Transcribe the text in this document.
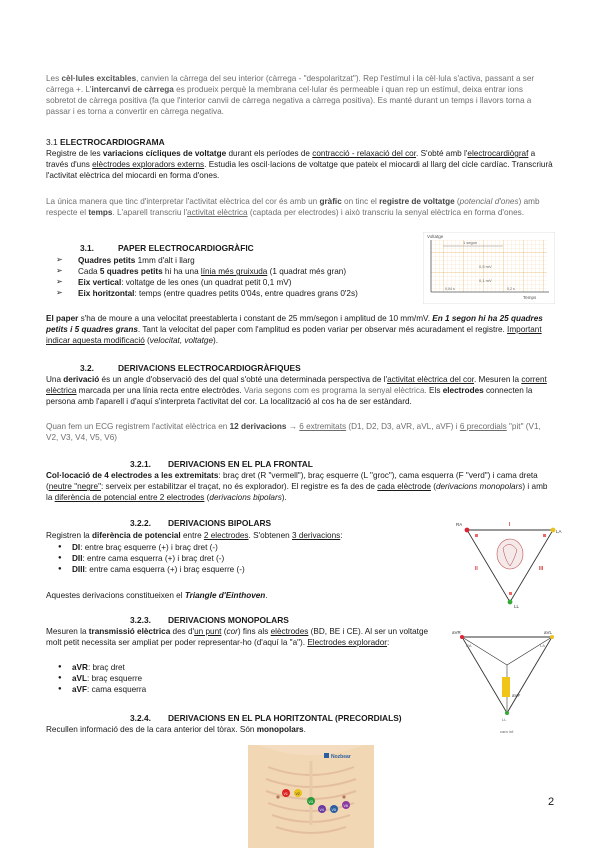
Les cèl·lules excitables, canvien la càrrega del seu interior (càrrega - "despolaritzat"). Rep l'estímul i la cèl·lula s'activa, passant a ser càrrega +. L'intercanvi de càrrega es produeix perquè la membrana cel·lular és permeable i quan rep un estímul, deixa entrar ions sobretot de càrrega positiva (fa que l'interior canvii de càrrega negativa a càrrega positiva). Es manté durant un temps i llavors torna a passar i es torna a convertir en càrrega negativa.

3.1 ELECTROCARDIOGRAMA

Registre de les variacions cícliques de voltatge durant els períodes de contracció - relaxació del cor. S'obté amb l'electrocardiògraf a través d'uns elèctrodes exploradors externs. Estudia les oscil·lacions de voltatge que pateix el miocardi al llarg del cicle cardíac. Transcriurà l'activitat elèctrica del miocardi en forma d'ones.

La única manera que tinc d'interpretar l'activitat elèctrica del cor és amb un gràfic on tinc el registre de voltatge (potencial d'ones) amb respecte el temps. L'aparell transcriu l'activitat elèctrica (captada per electrodes) i això transcriu la senyal elèctrica en forma d'ones.

3.1.	PAPER ELECTROCARDIOGRÀFIC
➢ Quadres petits 1mm d'alt i llarg
➢ Cada 5 quadres petits hi ha una línia més gruixuda (1 quadrat més gran)
➢ Eix vertical: voltatge de les ones (un quadrat petit 0,1 mV)
➢ Eix horitzontal: temps (entre quadres petits 0'04s, entre quadres grans 0'2s)
Voltatge
Temps
1 segon
0,5 mV
0,1 mV
0,04 s	0,2 s

El paper s'ha de moure a una velocitat preestablerta i constant de 25 mm/segon i amplitud de 10 mm/mV. En 1 segon hi ha 25 quadres petits i 5 quadres grans. Tant la velocitat del paper com l'amplitud es poden variar per observar més acuradament el registre. Important indicar aquesta modificació (velocitat, voltatge).

3.2.	DERIVACIONS ELECTROCARDIOGRÀFIQUES

Una derivació és un angle d'observació des del qual s'obté una determinada perspectiva de l'activitat elèctrica del cor. Mesuren la corrent elèctrica marcada per una línia recta entre electròdes. Varia segons com es programa la senyal elèctrica. Els electrodes connecten la persona amb l'aparell i d'aquí s'interpreta l'activitat del cor. La localització al cos ha de ser estàndard.

Quan fem un ECG registrem l'activitat elèctrica en 12 derivacions → 6 extremitats (D1, D2, D3, aVR, aVL, aVF) i 6 precordials "pit" (V1, V2, V3, V4, V5, V6)

3.2.1. DERIVACIONS EN EL PLA FRONTAL

Col·locació de 4 electrodes a les extremitats: braç dret (R "vermell"), braç esquerre (L "groc"), cama esquerra (F "verd") i cama dreta (neutre "negre": serveix per estabilitzar el traçat, no és explorador). El registre es fa des de cada elèctrode (derivacions monopolars) i amb la diferència de potencial entre 2 electrodes (derivacions bipolars).

3.2.2. DERIVACIONS BIPOLARS

Registren la diferència de potencial entre 2 electrodes. S'obtenen 3 derivacions:

● DI: entre braç esquerre (+) i braç dret (-)
● DII: entre cama esquerra (+) i braç dret (-)
● DIII: entre cama esquerra (+) i braç esquerre (-)

Aquestes derivacions constitueixen el Triangle d'Einthoven.

RA
LA
LL
I
II	III
3.2.3. DERIVACIONS MONOPOLARS

Mesuren la transmissió elèctrica des d'un punt (cor) fins als elèctrodes (BD, BE i CE). Al ser un voltatge molt petit necessita ser ampliat per poder representar-ho (d'aquí la "a"). Electrodes explorador:

● aVR: braç dret
● aVL: braç esquerre
● aVF: cama esquerra
aVR	aVL
aVF
RA	LA
LL
cara inf.
3.2.4. DERIVACIONS EN EL PLA HORITZONTAL (PRECORDIALS)

Recullen informació des de la cara anterior del tòrax. Són monopolars.

Nozbear
V1 V2
V3
V4 V5
V6	2
